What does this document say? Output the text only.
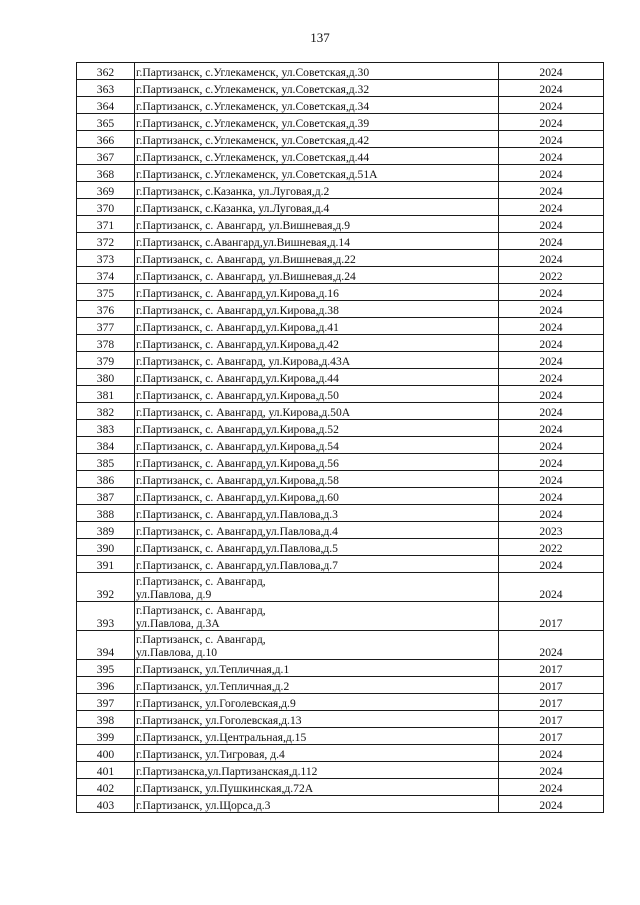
137
362	г.Партизанск, с.Углекаменск, ул.Советская,д.30	2024
363	г.Партизанск, с.Углекаменск, ул.Советская,д.32	2024
364	г.Партизанск, с.Углекаменск, ул.Советская,д.34	2024
365	г.Партизанск, с.Углекаменск, ул.Советская,д.39	2024
366	г.Партизанск, с.Углекаменск, ул.Советская,д.42	2024
367	г.Партизанск, с.Углекаменск, ул.Советская,д.44	2024
368	г.Партизанск, с.Углекаменск, ул.Советская,д.51А	2024
369	г.Партизанск, с.Казанка, ул.Луговая,д.2	2024
370	г.Партизанск, с.Казанка, ул.Луговая,д.4	2024
371	г.Партизанск, с. Авангард, ул.Вишневая,д.9	2024
372	г.Партизанск, с.Авангард,ул.Вишневая,д.14	2024
373	г.Партизанск, с. Авангард, ул.Вишневая,д.22	2024
374	г.Партизанск, с. Авангард, ул.Вишневая,д.24	2022
375	г.Партизанск, с. Авангард,ул.Кирова,д.16	2024
376	г.Партизанск, с. Авангард,ул.Кирова,д.38	2024
377	г.Партизанск, с. Авангард,ул.Кирова,д.41	2024
378	г.Партизанск, с. Авангард,ул.Кирова,д.42	2024
379	г.Партизанск, с. Авангард, ул.Кирова,д.43А	2024
380	г.Партизанск, с. Авангард,ул.Кирова,д.44	2024
381	г.Партизанск, с. Авангард,ул.Кирова,д.50	2024
382	г.Партизанск, с. Авангард, ул.Кирова,д.50А	2024
383	г.Партизанск, с. Авангард,ул.Кирова,д.52	2024
384	г.Партизанск, с. Авангард,ул.Кирова,д.54	2024
385	г.Партизанск, с. Авангард,ул.Кирова,д.56	2024
386	г.Партизанск, с. Авангард,ул.Кирова,д.58	2024
387	г.Партизанск, с. Авангард,ул.Кирова,д.60	2024
388	г.Партизанск, с. Авангард,ул.Павлова,д.3	2024
389	г.Партизанск, с. Авангард,ул.Павлова,д.4	2023
390	г.Партизанск, с. Авангард,ул.Павлова,д.5	2022
391	г.Партизанск, с. Авангард,ул.Павлова,д.7	2024
392	г.Партизанск, с. Авангард,
ул.Павлова, д.9	2024
393	г.Партизанск, с. Авангард,
ул.Павлова, д.3А	2017
394	г.Партизанск, с. Авангард,
ул.Павлова, д.10	2024
395	г.Партизанск, ул.Тепличная,д.1	2017
396	г.Партизанск, ул.Тепличная,д.2	2017
397	г.Партизанск, ул.Гоголевская,д.9	2017
398	г.Партизанск, ул.Гоголевская,д.13	2017
399	г.Партизанск, ул.Центральная,д.15	2017
400	г.Партизанск, ул.Тигровая, д.4	2024
401	г.Партизанска,ул.Партизанская,д.112	2024
402	г.Партизанск, ул.Пушкинская,д.72А	2024
403	г.Партизанск, ул.Щорса,д.3	2024
